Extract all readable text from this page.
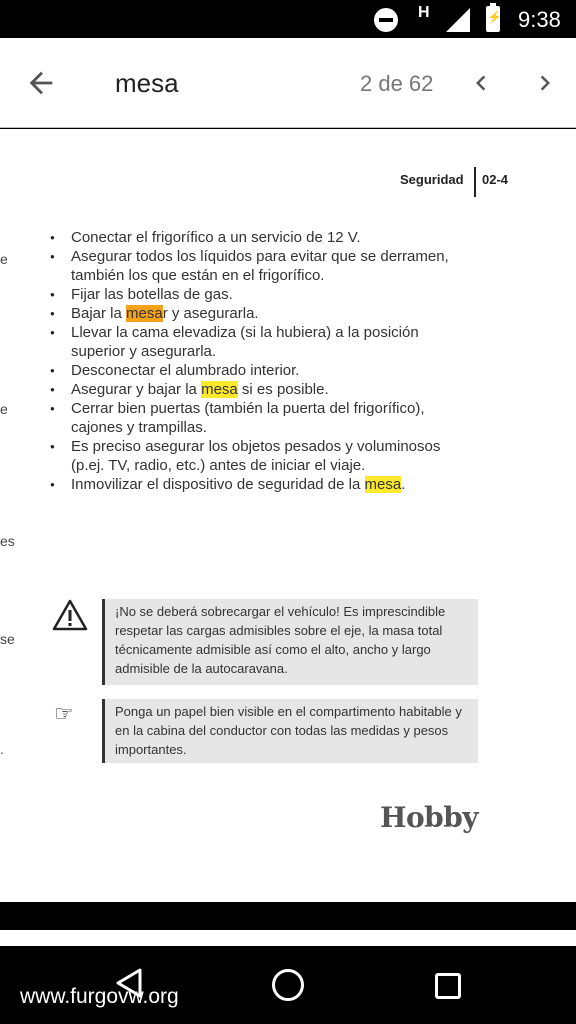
H
⚡	9:38
mesa	2 de 62
e
e
es
se
.
Seguridad 02-4
● Conectar el frigorífico a un servicio de 12 V.
● Asegurar todos los líquidos para evitar que se derramen, también los que están en el frigorífico.
● Fijar las botellas de gas.
● Bajar la mesar y asegurarla.
● Llevar la cama elevadiza (si la hubiera) a la posición superior y asegurarla.
● Desconectar el alumbrado interior.
● Asegurar y bajar la mesa si es posible.
● Cerrar bien puertas (también la puerta del frigorífico), cajones y trampillas.
● Es preciso asegurar los objetos pesados y voluminosos (p.ej. TV, radio, etc.) antes de iniciar el viaje.
● Inmovilizar el dispositivo de seguridad de la mesa.
¡No se deberá sobrecargar el vehículo! Es imprescindible respetar las cargas admisibles sobre el eje, la masa total técnicamente admisible así como el alto, ancho y largo admisible de la autocaravana.
☞	Ponga un papel bien visible en el compartimento habitable y en la cabina del conductor con todas las medidas y pesos importantes.
Hobby
www.furgovw.org
